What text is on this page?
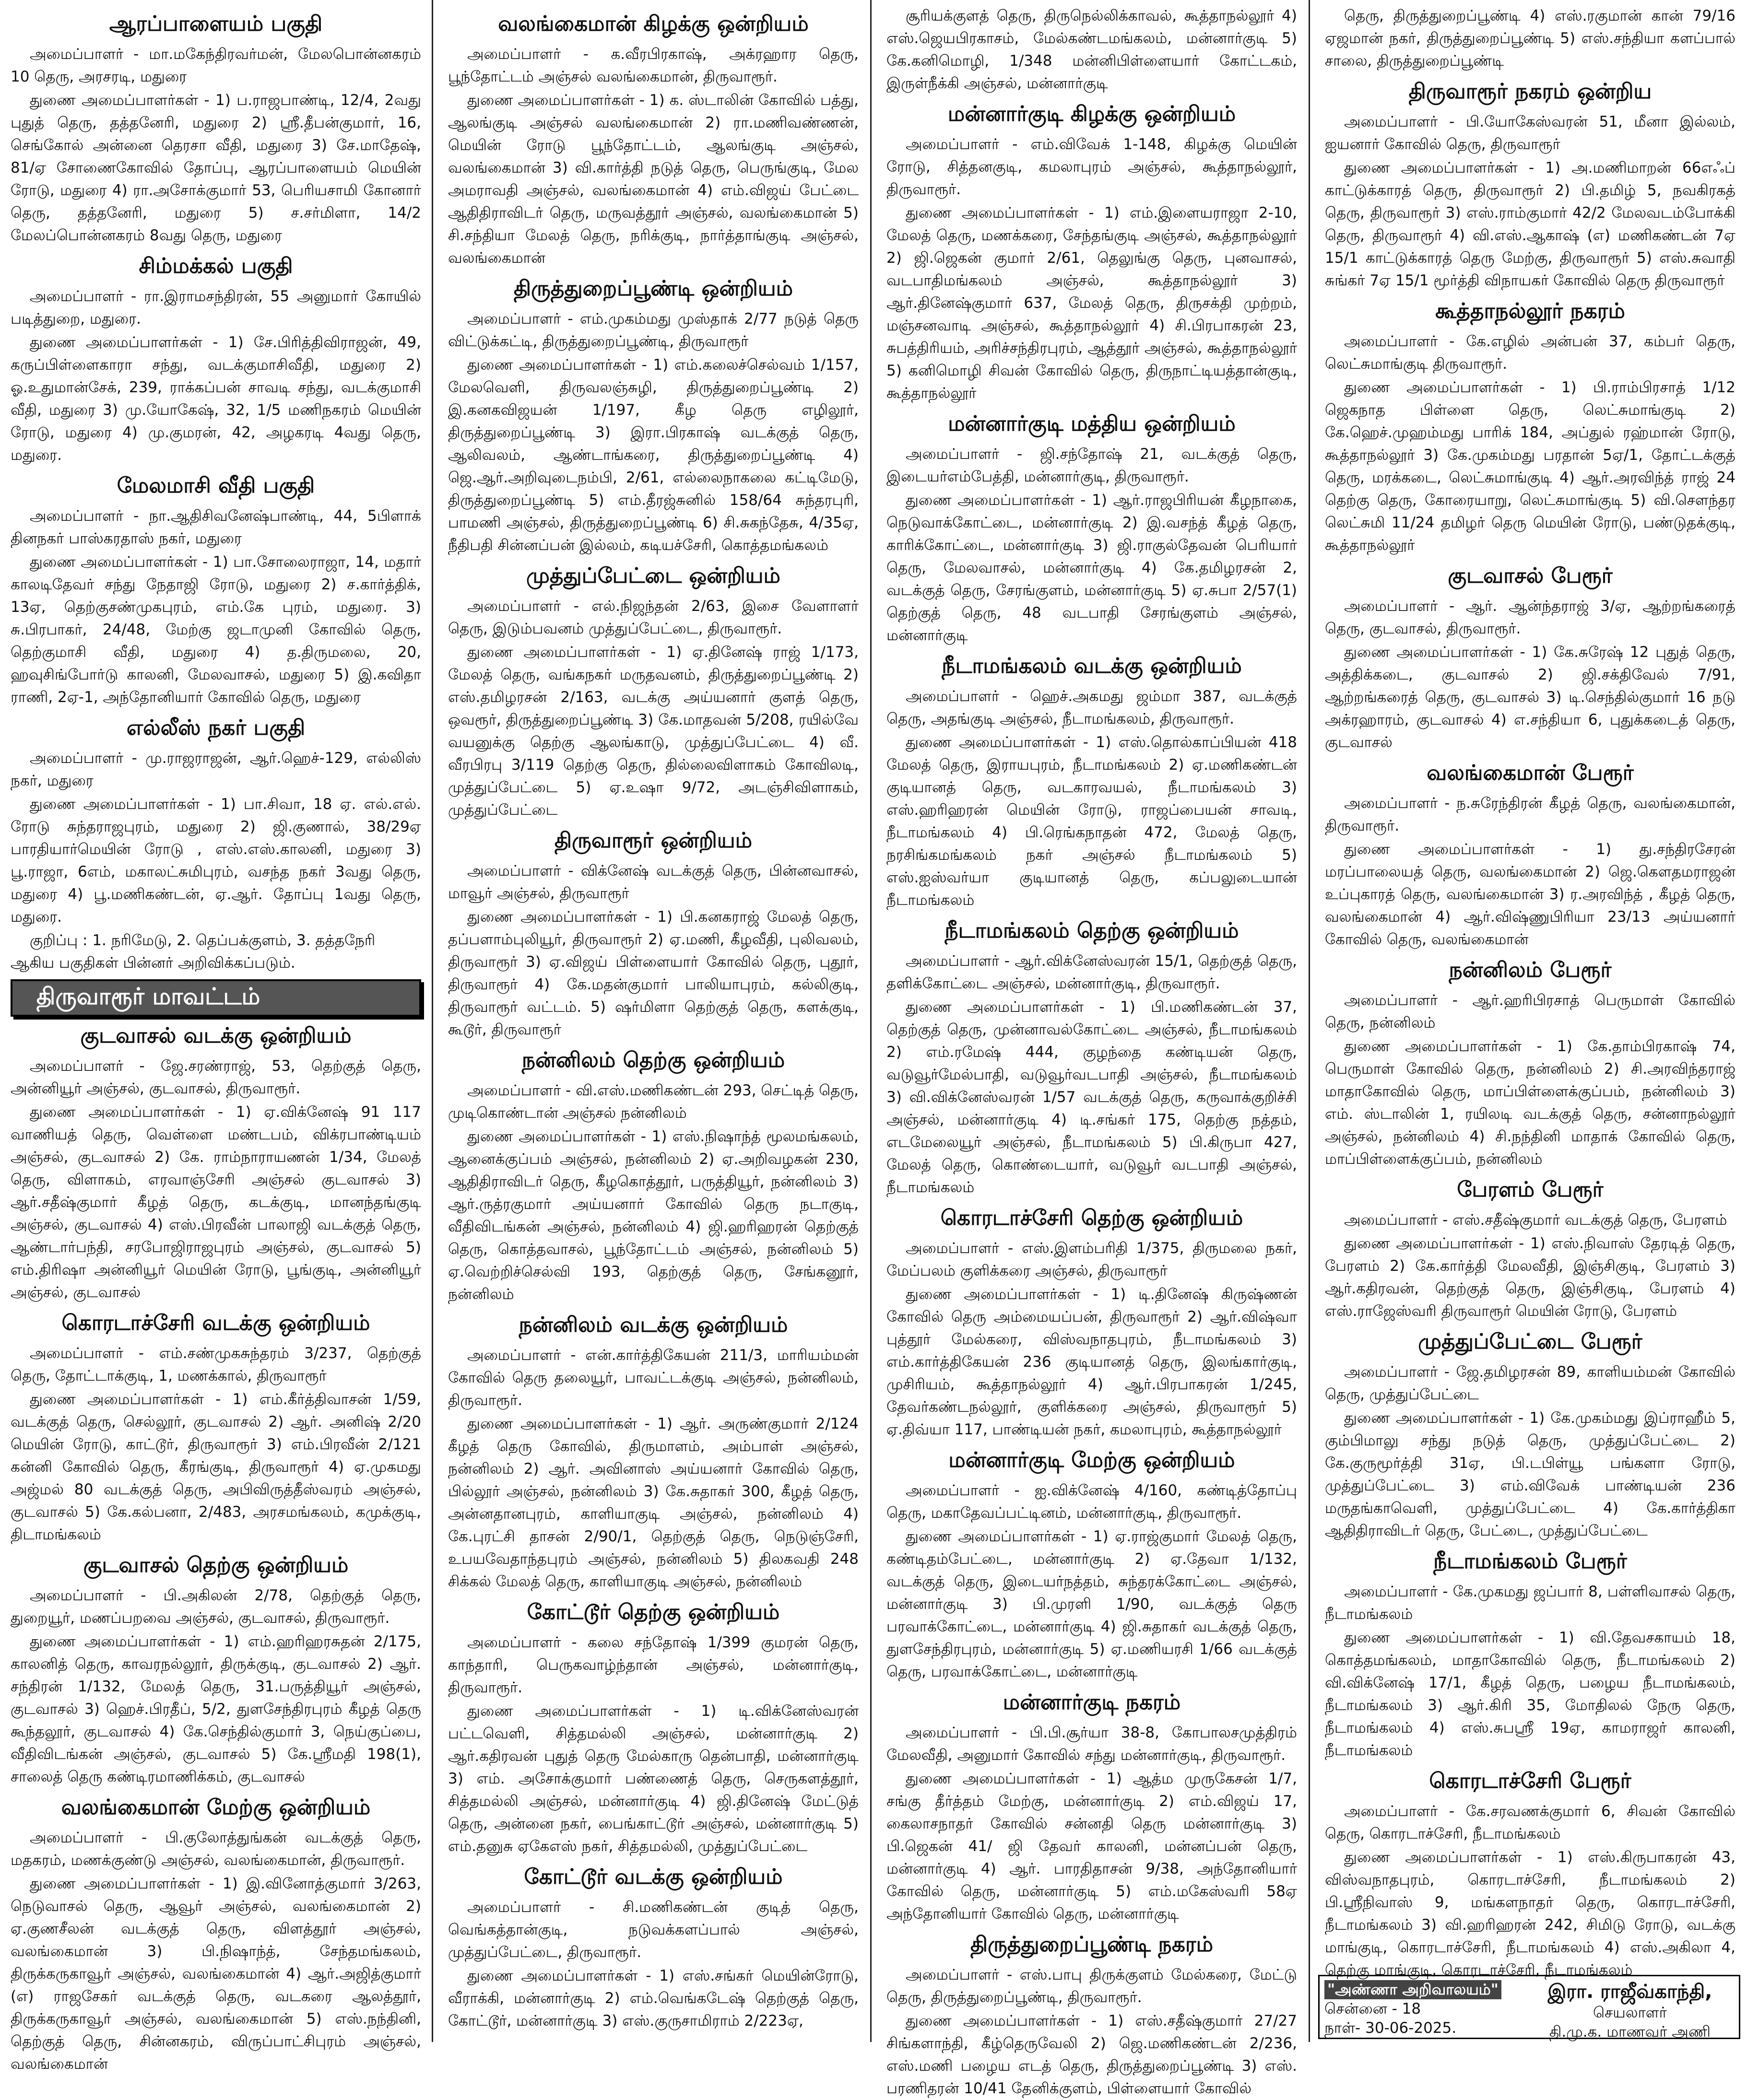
ஆரப்பாளையம் பகுதி

அமைப்பாளர் - மா.மகேந்திரவர்மன், மேலபொன்னகரம் 10 தெரு, அரசரடி, மதுரை

துணை அமைப்பாளர்கள் - 1) ப.ராஜபாண்டி, 12/4, 2வது புதுத் தெரு, தத்தனேரி, மதுரை 2) ஸ்ரீ.தீபன்குமார், 16, செங்கோல் அன்னை தெரசா வீதி, மதுரை 3) சே.மாதேஷ், 81/ஏ சோணைகோவில் தோப்பு, ஆரப்பாளையம் மெயின் ரோடு, மதுரை 4) ரா.அசோக்குமார் 53, பெரியசாமி கோனார் தெரு, தத்தனேரி, மதுரை 5) ச.சர்மிளா, 14/2 மேலப்பொன்னகரம் 8வது தெரு, மதுரை

சிம்மக்கல் பகுதி

அமைப்பாளர் - ரா.இராமசந்திரன், 55 அனுமார் கோயில் படித்துறை, மதுரை.

துணை அமைப்பாளர்கள் - 1) சே.பிரித்திவிராஜன், 49, கருப்பிள்ளைகாரா சந்து, வடக்குமாசிவீதி, மதுரை 2) ஓ.உதுமான்சேக், 239, ராக்கப்பன் சாவடி சந்து, வடக்குமாசி வீதி, மதுரை 3) மு.யோகேஷ், 32, 1/5 மணிநகரம் மெயின் ரோடு, மதுரை 4) மு.குமரன், 42, அழகரடி 4வது தெரு, மதுரை.

மேலமாசி வீதி பகுதி

அமைப்பாளர் - நா.ஆதிசிவனேஷ்பாண்டி, 44, 5பிளாக் தினநகர் பாஸ்கரதாஸ் நகர், மதுரை

துணை அமைப்பாளர்கள் - 1) பா.சோலைராஜா, 14, மதார் காலடிதேவர் சந்து நேதாஜி ரோடு, மதுரை 2) ச.கார்த்திக், 13ஏ, தெற்குசண்முகபுரம், எம்.கே புரம், மதுரை. 3) சு.பிரபாகர், 24/48, மேற்கு ஜடாமுனி கோவில் தெரு, தெற்குமாசி வீதி, மதுரை 4) த.திருமலை, 20, ஹவுசிங்போர்டு காலனி, மேலவாசல், மதுரை 5) இ.கவிதா ராணி, 2ஏ-1, அந்தோனியார் கோவில் தெரு, மதுரை

எல்லீஸ் நகர் பகுதி

அமைப்பாளர் - மு.ராஜராஜன், ஆர்.ஹெச்-129, எல்லிஸ் நகர், மதுரை

துணை அமைப்பாளர்கள் - 1) பா.சிவா, 18 ஏ. எல்.எல். ரோடு சுந்தராஜபுரம், மதுரை 2) ஜி.குணால், 38/29ஏ பாரதியார்மெயின் ரோடு , எஸ்.எஸ்.காலனி, மதுரை 3) பூ.ராஜா, 6எம், மகாலட்சுமிபுரம், வசந்த நகர் 3வது தெரு, மதுரை 4) பூ.மணிகண்டன், ஏ.ஆர். தோப்பு 1வது தெரு, மதுரை.

குறிப்பு : 1. நரிமேடு, 2. தெப்பக்குளம், 3. தத்தநேரி ஆகிய பகுதிகள் பின்னர் அறிவிக்கப்படும்.

திருவாரூர் மாவட்டம்
குடவாசல் வடக்கு ஒன்றியம்

அமைப்பாளர் - ஜே.சரண்ராஜ், 53, தெற்குத் தெரு, அன்னியூர் அஞ்சல், குடவாசல், திருவாரூர்.

துணை அமைப்பாளர்கள் - 1) ஏ.விக்னேஷ் 91 117 வாணியத் தெரு, வெள்ளை மண்டபம், விக்ரபாண்டியம் அஞ்சல், குடவாசல் 2) கே. ராம்நாராயணன் 1/34, மேலத் தெரு, விளாகம், எரவாஞ்சேரி அஞ்சல் குடவாசல் 3) ஆர்.சதீஷ்குமார் கீழத் தெரு, கடக்குடி, மானந்தங்குடி அஞ்சல், குடவாசல் 4) எஸ்.பிரவீன் பாலாஜி வடக்குத் தெரு, ஆண்டார்பந்தி, சரபோஜிராஜபுரம் அஞ்சல், குடவாசல் 5) எம்.திரிஷா அன்னியூர் மெயின் ரோடு, பூங்குடி, அன்னியூர் அஞ்சல், குடவாசல்

கொரடாச்சேரி வடக்கு ஒன்றியம்

அமைப்பாளர் - எம்.சண்முகசுந்தரம் 3/237, தெற்குத் தெரு, தோட்டாக்குடி, 1, மணக்கால், திருவாரூர்

துணை அமைப்பாளர்கள் - 1) எம்.கீர்த்திவாசன் 1/59, வடக்குத் தெரு, செல்லூர், குடவாசல் 2) ஆர். அனிஷ் 2/20 மெயின் ரோடு, காட்டூர், திருவாரூர் 3) எம்.பிரவீன் 2/121 கன்னி கோவில் தெரு, கீரங்குடி, திருவாரூர் 4) ஏ.முகமது அஜ்மல் 80 வடக்குத் தெரு, அபிவிருத்தீஸ்வரம் அஞ்சல், குடவாசல் 5) கே.கல்பனா, 2/483, அரசமங்கலம், கமுக்குடி, திடாமங்கலம்

குடவாசல் தெற்கு ஒன்றியம்

அமைப்பாளர் - பி.அகிலன் 2/78, தெற்குத் தெரு, துறையூர், மணப்பறவை அஞ்சல், குடவாசல், திருவாரூர்.

துணை அமைப்பாளர்கள் - 1) எம்.ஹரிஹரசுதன் 2/175, காலனித் தெரு, காவரநல்லூர், திருக்குடி, குடவாசல் 2) ஆர். சந்திரன் 1/132, மேலத் தெரு, 31.பருத்தியூர் அஞ்சல், குடவாசல் 3) ஹெச்.பிரதீப், 5/2, துளசேந்திரபுரம் கீழத் தெரு கூந்தலூர், குடவாசல் 4) கே.செந்தில்குமார் 3, நெய்குப்பை, வீதிவிடங்கன் அஞ்சல், குடவாசல் 5) கே.ஸ்ரீமதி 198(1), சாலைத் தெரு கண்டிரமாணிக்கம், குடவாசல்

வலங்கைமான் மேற்கு ஒன்றியம்

அமைப்பாளர் - பி.குலோத்துங்கன் வடக்குத் தெரு, மதகரம், மணக்குண்டு அஞ்சல், வலங்கைமான், திருவாரூர்.

துணை அமைப்பாளர்கள் - 1) இ.வினோத்குமார் 3/263, நெடுவாசல் தெரு, ஆவூர் அஞ்சல், வலங்கைமான் 2) ஏ.குணசீலன் வடக்குத் தெரு, விளத்தூர் அஞ்சல், வலங்கைமான் 3) பி.நிஷாந்த், சேந்தமங்கலம், திருக்கருகாவூர் அஞ்சல், வலங்கைமான் 4) ஆர்.அஜித்குமார் (எ) ராஜசேகர் வடக்குத் தெரு, வடகரை ஆலத்தூர், திருக்கருகாவூர் அஞ்சல், வலங்கைமான் 5) எஸ்.நந்தினி, தெற்குத் தெரு, சின்னகரம், விருப்பாட்சிபுரம் அஞ்சல், வலங்கைமான்

வலங்கைமான் கிழக்கு ஒன்றியம்

அமைப்பாளர் - க.வீரபிரகாஷ், அக்ரஹார தெரு, பூந்தோட்டம் அஞ்சல் வலங்கைமான், திருவாரூர்.

துணை அமைப்பாளர்கள் - 1) க. ஸ்டாலின் கோவில் பத்து, ஆலங்குடி அஞ்சல் வலங்கைமான் 2) ரா.மணிவண்ணன், மெயின் ரோடு பூந்தோட்டம், ஆலங்குடி அஞ்சல், வலங்கைமான் 3) வி.கார்த்தி நடுத் தெரு, பெருங்குடி, மேல அமராவதி அஞ்சல், வலங்கைமான் 4) எம்.விஜய் பேட்டை ஆதிதிராவிடர் தெரு, மருவத்தூர் அஞ்சல், வலங்கைமான் 5) சி.சந்தியா மேலத் தெரு, நரிக்குடி, நார்த்தாங்குடி அஞ்சல், வலங்கைமான்

திருத்துறைப்பூண்டி ஒன்றியம்

அமைப்பாளர் - எம்.முகம்மது முஸ்தாக் 2/77 நடுத் தெரு விட்டுக்கட்டி, திருத்துறைப்பூண்டி, திருவாரூர்

துணை அமைப்பாளர்கள் - 1) எம்.கலைச்செல்வம் 1/157, மேலவெளி, திருவலஞ்சுழி, திருத்துறைப்பூண்டி 2) இ.கனகவிஜயன் 1/197, கீழ தெரு எழிலூர், திருத்துறைப்பூண்டி 3) இரா.பிரகாஷ் வடக்குத் தெரு, ஆலிவலம், ஆண்டாங்கரை, திருத்துறைப்பூண்டி 4) ஜெ.ஆர்.அறிவுடைநம்பி, 2/61, எல்லைநாகலை கட்டிமேடு, திருத்துறைப்பூண்டி 5) எம்.தீரஜ்சுனில் 158/64 சுந்தரபுரி, பாமணி அஞ்சல், திருத்துறைப்பூண்டி 6) சி.சுகந்தேசு, 4/35ஏ, நீதிபதி சின்னப்பன் இல்லம், கடியச்சேரி, கொத்தமங்கலம்

முத்துப்பேட்டை ஒன்றியம்

அமைப்பாளர் - எல்.நிஜந்தன் 2/63, இசை வேளாளர் தெரு, இடும்பவனம் முத்துப்பேட்டை, திருவாரூர்.

துணை அமைப்பாளர்கள் - 1) ஏ.தினேஷ் ராஜ் 1/173, மேலத் தெரு, வங்கநகர் மருதவனம், திருத்துறைப்பூண்டி 2) எஸ்.தமிழரசன் 2/163, வடக்கு அய்யனார் குளத் தெரு, ஒவரூர், திருத்துறைப்பூண்டி 3) கே.மாதவன் 5/208, ரயில்வே வயனுக்கு தெற்கு ஆலங்காடு, முத்துப்பேட்டை 4) வீ. வீரபிரபு 3/119 தெற்கு தெரு, தில்லைவிளாகம் கோவிலடி, முத்துப்பேட்டை 5) ஏ.உஷா 9/72, அடஞ்சிவிளாகம், முத்துப்பேட்டை

திருவாரூர் ஒன்றியம்

அமைப்பாளர் - விக்னேஷ் வடக்குத் தெரு, பின்னவாசல், மாவூர் அஞ்சல், திருவாரூர்

துணை அமைப்பாளர்கள் - 1) பி.கனகராஜ் மேலத் தெரு, தப்பளாம்புலியூர், திருவாரூர் 2) ஏ.மணி, கீழவீதி, புலிவலம், திருவாரூர் 3) ஏ.விஜய் பிள்ளையார் கோவில் தெரு, புதூர், திருவாரூர் 4) கே.மதன்குமார் பாலியாபுரம், கல்லிகுடி, திருவாரூர் வட்டம். 5) ஷர்மிளா தெற்குத் தெரு, களக்குடி, கூடூர், திருவாரூர்

நன்னிலம் தெற்கு ஒன்றியம்

அமைப்பாளர் - வி.எஸ்.மணிகண்டன் 293, செட்டித் தெரு, முடிகொண்டான் அஞ்சல் நன்னிலம்

துணை அமைப்பாளர்கள் - 1) எஸ்.நிஷாந்த் மூலமங்கலம், ஆனைக்குப்பம் அஞ்சல், நன்னிலம் 2) ஏ.அறிவழகன் 230, ஆதிதிராவிடர் தெரு, கீழகொத்தூர், பருத்தியூர், நன்னிலம் 3) ஆர்.ருத்ரகுமார் அய்யனார் கோவில் தெரு நடாகுடி, வீதிவிடங்கன் அஞ்சல், நன்னிலம் 4) ஜி.ஹரிஹரன் தெற்குத் தெரு, கொத்தவாசல், பூந்தோட்டம் அஞ்சல், நன்னிலம் 5) ஏ.வெற்றிச்செல்வி 193, தெற்குத் தெரு, சேங்கனூர், நன்னிலம்

நன்னிலம் வடக்கு ஒன்றியம்

அமைப்பாளர் - என்.கார்த்திகேயன் 211/3, மாரியம்மன் கோவில் தெரு தலையூர், பாவட்டக்குடி அஞ்சல், நன்னிலம், திருவாரூர்.

துணை அமைப்பாளர்கள் - 1) ஆர். அருண்குமார் 2/124 கீழத் தெரு கோவில், திருமாளம், அம்பாள் அஞ்சல், நன்னிலம் 2) ஆர். அவினாஸ் அய்யனார் கோவில் தெரு, பில்லூர் அஞ்சல், நன்னிலம் 3) கே.சுதாகர் 300, கீழத் தெரு, அன்னதானபுரம், காளியாகுடி அஞ்சல், நன்னிலம் 4) கே.புரட்சி தாசன் 2/90/1, தெற்குத் தெரு, நெடுஞ்சேரி, உபயவேதாந்தபுரம் அஞ்சல், நன்னிலம் 5) திலகவதி 248 சிக்கல் மேலத் தெரு, காளியாகுடி அஞ்சல், நன்னிலம்

கோட்டூர் தெற்கு ஒன்றியம்

அமைப்பாளர் - கலை சந்தோஷ் 1/399 குமரன் தெரு, காந்தாரி, பெருகவாழ்ந்தான் அஞ்சல், மன்னார்குடி, திருவாரூர்.

துணை அமைப்பாளர்கள் - 1) டி.விக்னேஸ்வரன் பட்டவெளி, சித்தமல்லி அஞ்சல், மன்னார்குடி 2) ஆர்.கதிரவன் புதுத் தெரு மேல்காரு தென்பாதி, மன்னார்குடி 3) எம். அசோக்குமார் பண்ணைத் தெரு, செருகளத்தூர், சித்தமல்லி அஞ்சல், மன்னார்குடி 4) ஜி.தினேஷ் மேட்டுத் தெரு, அன்னை நகர், பைங்காட்டூர் அஞ்சல், மன்னார்குடி 5) எம்.தனுசு ஏகேஎஸ் நகர், சித்தமல்லி, முத்துப்பேட்டை

கோட்டூர் வடக்கு ஒன்றியம்

அமைப்பாளர் - சி.மணிகண்டன் குடித் தெரு, வெங்கத்தான்குடி, நடுவக்களப்பால் அஞ்சல், முத்துப்பேட்டை, திருவாரூர்.

துணை அமைப்பாளர்கள் - 1) எஸ்.சங்கர் மெயின்ரோடு, வீராக்கி, மன்னார்குடி 2) எம்.வெங்கடேஷ் தெற்குத் தெரு, கோட்டூர், மன்னார்குடி 3) எஸ்.குருசாமிராம் 2/223ஏ,

சூரியக்குளத் தெரு, திருநெல்லிக்காவல், கூத்தாநல்லூர் 4) எஸ்.ஜெயபிரகாசம், மேல்கண்டமங்கலம், மன்னார்குடி 5) கே.கனிமொழி, 1/348 மன்னிபிள்ளையார் கோட்டகம், இருள்நீக்கி அஞ்சல், மன்னார்குடி

மன்னார்குடி கிழக்கு ஒன்றியம்

அமைப்பாளர் - எம்.விவேக் 1-148, கிழக்கு மெயின் ரோடு, சித்தனகுடி, கமலாபுரம் அஞ்சல், கூத்தாநல்லூர், திருவாரூர்.

துணை அமைப்பாளர்கள் - 1) எம்.இளையராஜா 2-10, மேலத் தெரு, மணக்கரை, சேந்தங்குடி அஞ்சல், கூத்தாநல்லூர் 2) ஜி.ஜெகன் குமார் 2/61, தெலுங்கு தெரு, புனவாசல், வடபாதிமங்கலம் அஞ்சல், கூத்தாநல்லூர் 3) ஆர்.தினேஷ்குமார் 637, மேலத் தெரு, திருசக்தி முற்றம், மஞ்சனவாடி அஞ்சல், கூத்தாநல்லூர் 4) சி.பிரபாகரன் 23, சுபத்திரியம், அரிச்சந்திரபுரம், ஆத்தூர் அஞ்சல், கூத்தாநல்லூர் 5) கனிமொழி சிவன் கோவில் தெரு, திருநாட்டியத்தான்குடி, கூத்தாநல்லூர்

மன்னார்குடி மத்திய ஒன்றியம்

அமைப்பாளர் - ஜி.சந்தோஷ் 21, வடக்குத் தெரு, இடையர்எம்பேத்தி, மன்னார்குடி, திருவாரூர்.

துணை அமைப்பாளர்கள் - 1) ஆர்.ராஜபிரியன் கீழநாகை, நெடுவாக்கோட்டை, மன்னார்குடி 2) இ.வசந்த் கீழத் தெரு, காரிக்கோட்டை, மன்னார்குடி 3) ஜி.ராகுல்தேவன் பெரியார் தெரு, மேலவாசல், மன்னார்குடி 4) கே.தமிழரசன் 2, வடக்குத் தெரு, சேரங்குளம், மன்னார்குடி 5) ஏ.சுபா 2/57(1) தெற்குத் தெரு, 48 வடபாதி சேரங்குளம் அஞ்சல், மன்னார்குடி

நீடாமங்கலம் வடக்கு ஒன்றியம்

அமைப்பாளர் - ஹெச்.அகமது ஜம்மா 387, வடக்குத் தெரு, அதங்குடி அஞ்சல், நீடாமங்கலம், திருவாரூர்.

துணை அமைப்பாளர்கள் - 1) எஸ்.தொல்காப்பியன் 418 மேலத் தெரு, இராயபுரம், நீடாமங்கலம் 2) ஏ.மணிகண்டன் குடியானத் தெரு, வடகாரவயல், நீடாமங்கலம் 3) எஸ்.ஹரிஹரன் மெயின் ரோடு, ராஜப்பையன் சாவடி, நீடாமங்கலம் 4) பி.ரெங்கநாதன் 472, மேலத் தெரு, நரசிங்கமங்கலம் நகர் அஞ்சல் நீடாமங்கலம் 5) எஸ்.ஐஸ்வர்யா குடியானத் தெரு, கப்பலுடையான் நீடாமங்கலம்

நீடாமங்கலம் தெற்கு ஒன்றியம்

அமைப்பாளர் - ஆர்.விக்னேஸ்வரன் 15/1, தெற்குத் தெரு, தளிக்கோட்டை அஞ்சல், மன்னார்குடி, திருவாரூர்.

துணை அமைப்பாளர்கள் - 1) பி.மணிகண்டன் 37, தெற்குத் தெரு, முன்னாவல்கோட்டை அஞ்சல், நீடாமங்கலம் 2) எம்.ரமேஷ் 444, குழந்தை கண்டியன் தெரு, வடுவூர்மேல்பாதி, வடுவூர்வடபாதி அஞ்சல், நீடாமங்கலம் 3) வி.விக்னேஸ்வரன் 1/57 வடக்குத் தெரு, கருவாக்குறிச்சி அஞ்சல், மன்னார்குடி 4) டி.சங்கர் 175, தெற்கு நத்தம், எடமேலையூர் அஞ்சல், நீடாமங்கலம் 5) பி.கிருபா 427, மேலத் தெரு, கொண்டையார், வடுவூர் வடபாதி அஞ்சல், நீடாமங்கலம்

கொரடாச்சேரி தெற்கு ஒன்றியம்

அமைப்பாளர் - எஸ்.இளம்பரிதி 1/375, திருமலை நகர், மேப்பலம் குளிக்கரை அஞ்சல், திருவாரூர்

துணை அமைப்பாளர்கள் - 1) டி.தினேஷ் கிருஷ்ணன் கோவில் தெரு அம்மையப்பன், திருவாரூர் 2) ஆர்.விஷ்வா புத்தூர் மேல்கரை, விஸ்வநாதபுரம், நீடாமங்கலம் 3) எம்.கார்த்திகேயன் 236 குடியானத் தெரு, இலங்கார்குடி, முசிரியம், கூத்தாநல்லூர் 4) ஆர்.பிரபாகரன் 1/245, தேவர்கண்டநல்லூர், குளிக்கரை அஞ்சல், திருவாரூர் 5) ஏ.திவ்யா 117, பாண்டியன் நகர், கமலாபுரம், கூத்தாநல்லூர்

மன்னார்குடி மேற்கு ஒன்றியம்

அமைப்பாளர் - ஐ.விக்னேஷ் 4/160, கண்டித்தோப்பு தெரு, மகாதேவப்பட்டினம், மன்னார்குடி, திருவாரூர்.

துணை அமைப்பாளர்கள் - 1) ஏ.ராஜ்குமார் மேலத் தெரு, கண்டிதம்பேட்டை, மன்னார்குடி 2) ஏ.தேவா 1/132, வடக்குத் தெரு, இடையர்நத்தம், சுந்தரக்கோட்டை அஞ்சல், மன்னார்குடி 3) பி.முரளி 1/90, வடக்குத் தெரு பரவாக்கோட்டை, மன்னார்குடி 4) ஜி.சுதாகர் வடக்குத் தெரு, துளசேந்திரபுரம், மன்னார்குடி 5) ஏ.மணியரசி 1/66 வடக்குத் தெரு, பரவாக்கோட்டை, மன்னார்குடி

மன்னார்குடி நகரம்

அமைப்பாளர் - பி.பி.சூர்யா 38-8, கோபாலசமுத்திரம் மேலவீதி, அனுமார் கோவில் சந்து மன்னார்குடி, திருவாரூர்.

துணை அமைப்பாளர்கள் - 1) ஆத்ம முருகேசன் 1/7, சங்கு தீர்த்தம் மேற்கு, மன்னார்குடி 2) எம்.விஜய் 17, கைலாசநாதர் கோவில் சன்னதி தெரு மன்னார்குடி 3) பி.ஜெகன் 41/ ஜி தேவர் காலனி, மன்னப்பன் தெரு, மன்னார்குடி 4) ஆர். பாரதிதாசன் 9/38, அந்தோனியார் கோவில் தெரு, மன்னார்குடி 5) எம்.மகேஸ்வரி 58ஏ அந்தோனியார் கோவில் தெரு, மன்னார்குடி

திருத்துறைப்பூண்டி நகரம்

அமைப்பாளர் - எஸ்.பாபு திருக்குளம் மேல்கரை, மேட்டு தெரு, திருத்துறைப்பூண்டி, திருவாரூர்.

துணை அமைப்பாளர்கள் - 1) எஸ்.சதீஷ்குமார் 27/27 சிங்களாந்தி, கீழ்தெருவேலி 2) ஜெ.மணிகண்டன் 2/236, எஸ்.மணி பழைய எடத் தெரு, திருத்துறைப்பூண்டி 3) எஸ். பரணிதரன் 10/41 தேனிக்குளம், பிள்ளையார் கோவில்

தெரு, திருத்துறைப்பூண்டி 4) எஸ்.ரகுமான் கான் 79/16 ஏஜமான் நகர், திருத்துறைப்பூண்டி 5) எஸ்.சந்தியா களப்பால் சாலை, திருத்துறைப்பூண்டி

திருவாரூர் நகரம் ஒன்றிய

அமைப்பாளர் - பி.யோகேஸ்வரன் 51, மீனா இல்லம், ஐயனார் கோவில் தெரு, திருவாரூர்

துணை அமைப்பாளர்கள் - 1) அ.மணிமாறன் 66எஃப் காட்டுக்காரத் தெரு, திருவாரூர் 2) பி.தமிழ் 5, நவகிரகத் தெரு, திருவாரூர் 3) எஸ்.ராம்குமார் 42/2 மேலவடம்போக்கி தெரு, திருவாரூர் 4) வி.எஸ்.ஆகாஷ் (எ) மணிகண்டன் 7ஏ 15/1 காட்டுக்காரத் தெரு மேற்கு, திருவாரூர் 5) எஸ்.சுவாதி சுங்கர் 7ஏ 15/1 மூர்த்தி விநாயகர் கோவில் தெரு திருவாரூர்

கூத்தாநல்லூர் நகரம்

அமைப்பாளர் - கே.எழில் அன்பன் 37, கம்பர் தெரு, லெட்சுமாங்குடி திருவாரூர்.

துணை அமைப்பாளர்கள் - 1) பி.ராம்பிரசாத் 1/12 ஜெகநாத பிள்ளை தெரு, லெட்சுமாங்குடி 2) கே.ஹெச்.முஹம்மது பாரிக் 184, அப்துல் ரஹ்மான் ரோடு, கூத்தாநல்லூர் 3) கே.முகம்மது பரதான் 5ஏ/1, தோட்டக்குத் தெரு, மரக்கடை, லெட்சுமாங்குடி 4) ஆர்.அரவிந்த் ராஜ் 24 தெற்கு தெரு, கோரையாறு, லெட்சுமாங்குடி 5) வி.சௌந்தர லெட்சுமி 11/24 தமிழர் தெரு மெயின் ரோடு, பண்டுதக்குடி, கூத்தாநல்லூர்

குடவாசல் பேரூர்

அமைப்பாளர் - ஆர். ஆன்ந்தராஜ் 3/ஏ, ஆற்றங்கரைத் தெரு, குடவாசல், திருவாரூர்.

துணை அமைப்பாளர்கள் - 1) கே.சுரேஷ் 12 புதுத் தெரு, அத்திக்கடை, குடவாசல் 2) ஜி.சக்திவேல் 7/91, ஆற்றங்கரைத் தெரு, குடவாசல் 3) டி.செந்தில்குமார் 16 நடு அக்ரஹாரம், குடவாசல் 4) எ.சந்தியா 6, புதுக்கடைத் தெரு, குடவாசல்

வலங்கைமான் பேரூர்

அமைப்பாளர் - ந.சுரேந்திரன் கீழத் தெரு, வலங்கைமான், திருவாரூர்.

துணை அமைப்பாளர்கள் - 1) து.சந்திரசேரன் மரப்பாலையத் தெரு, வலங்கைமான் 2) ஜெ.கௌதமராஜன் உப்புகாரத் தெரு, வலங்கைமான் 3) ர.அரவிந்த் , கீழத் தெரு, வலங்கைமான் 4) ஆர்.விஷ்ணுபிரியா 23/13 அய்யனார் கோவில் தெரு, வலங்கைமான்

நன்னிலம் பேரூர்

அமைப்பாளர் - ஆர்.ஹரிபிரசாத் பெருமாள் கோவில் தெரு, நன்னிலம்

துணை அமைப்பாளர்கள் - 1) கே.தாம்பிரகாஷ் 74, பெருமாள் கோவில் தெரு, நன்னிலம் 2) சி.அரவிந்தராஜ் மாதாகோவில் தெரு, மாப்பிள்ளைக்குப்பம், நன்னிலம் 3) எம். ஸ்டாலின் 1, ரயிலடி வடக்குத் தெரு, சன்னாநல்லூர் அஞ்சல், நன்னிலம் 4) சி.நந்தினி மாதாக் கோவில் தெரு, மாப்பிள்ளைக்குப்பம், நன்னிலம்

பேரளம் பேரூர்

அமைப்பாளர் - எஸ்.சதீஷ்குமார் வடக்குத் தெரு, பேரளம்

துணை அமைப்பாளர்கள் - 1) எஸ்.நிவாஸ் தேரடித் தெரு, பேரளம் 2) கே.கார்த்தி மேலவீதி, இஞ்சிகுடி, பேரளம் 3) ஆர்.கதிரவன், தெற்குத் தெரு, இஞ்சிகுடி, பேரளம் 4) எஸ்.ராஜேஸ்வரி திருவாரூர் மெயின் ரோடு, பேரளம்

முத்துப்பேட்டை பேரூர்

அமைப்பாளர் - ஜே.தமிழரசன் 89, காளியம்மன் கோவில் தெரு, முத்துப்பேட்டை

துணை அமைப்பாளர்கள் - 1) கே.முகம்மது இப்ராஹீம் 5, கும்பிமாலு சந்து நடுத் தெரு, முத்துப்பேட்டை 2) கே.குருமூர்த்தி 31ஏ, பி.டபிள்யூ பங்களா ரோடு, முத்துப்பேட்டை 3) எம்.விவேக் பாண்டியன் 236 மருதங்காவெளி, முத்துப்பேட்டை 4) கே.கார்த்திகா ஆதிதிராவிடர் தெரு, பேட்டை, முத்துப்பேட்டை

நீடாமங்கலம் பேரூர்

அமைப்பாளர் - கே.முகமது ஜப்பார் 8, பள்ளிவாசல் தெரு, நீடாமங்கலம்

துணை அமைப்பாளர்கள் - 1) வி.தேவசகாயம் 18, கொத்தமங்கலம், மாதாகோவில் தெரு, நீடாமங்கலம் 2) வி.விக்னேஷ் 17/1, கீழத் தெரு, பழைய நீடாமங்கலம், நீடாமங்கலம் 3) ஆர்.கிரி 35, மோதிலல் நேரு தெரு, நீடாமங்கலம் 4) எஸ்.சுபஸ்ரீ 19ஏ, காமராஜர் காலனி, நீடாமங்கலம்

கொரடாச்சேரி பேரூர்

அமைப்பாளர் - கே.சரவணக்குமார் 6, சிவன் கோவில் தெரு, கொரடாச்சேரி, நீடாமங்கலம்

துணை அமைப்பாளர்கள் - 1) எஸ்.கிருபாகரன் 43, விஸ்வநாதபுரம், கொரடாச்சேரி, நீடாமங்கலம் 2) பி.ஸ்ரீநிவாஸ் 9, மங்களநாதர் தெரு, கொரடாச்சேரி, நீடாமங்கலம் 3) வி.ஹரிஹரன் 242, சிமிடு ரோடு, வடக்கு மாங்குடி, கொரடாச்சேரி, நீடாமங்கலம் 4) எஸ்.அகிலா 4, தெற்கு மாங்குடி, கொரடாச்சேரி, நீடாமங்கலம்

"அண்ணா அறிவாலயம்"
சென்னை - 18
நாள்- 30-06-2025.
இரா. ராஜீவ்காந்தி,
செயலாளர்
தி.மு.க. மாணவர் அணி
